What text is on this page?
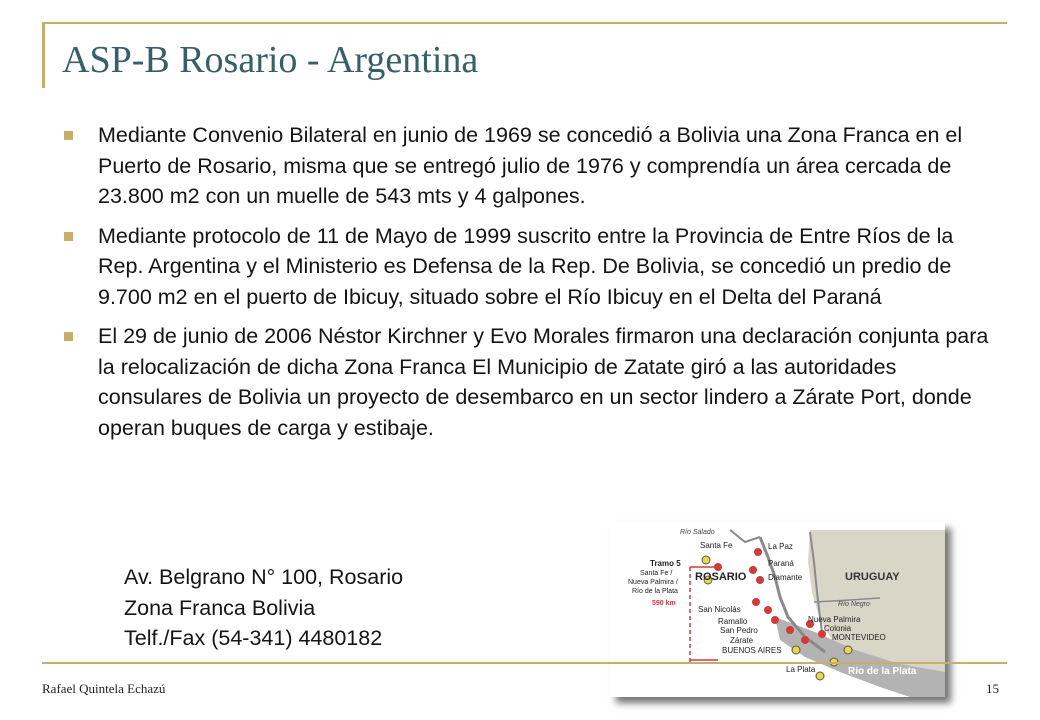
ASP-B Rosario - Argentina
Mediante Convenio Bilateral en junio de 1969 se concedió a Bolivia una Zona Franca en el Puerto de Rosario, misma que se entregó julio de 1976 y comprendía un área cercada de 23.800 m2 con un muelle de 543 mts y 4 galpones.
Mediante protocolo de 11 de Mayo de 1999 suscrito entre la Provincia de Entre Ríos de la Rep. Argentina y el Ministerio es Defensa de la Rep. De Bolivia, se concedió un predio de 9.700 m2 en el puerto de Ibicuy, situado sobre el Río Ibicuy en el Delta del Paraná
El 29 de junio de 2006 Néstor Kirchner y Evo Morales firmaron una declaración conjunta para la relocalización de dicha Zona Franca El Municipio de Zatate giró a las autoridades consulares de Bolivia un proyecto de desembarco en un sector lindero a Zárate Port, donde operan buques de carga y estibaje.
Av. Belgrano N° 100, Rosario
Zona Franca Bolivia
Telf./Fax (54-341) 4480182
Río Salado
Santa Fe	La Paz
Paraná
Diamante
Tramo 5
Santa Fe /
Nueva Palmira /
Río de la Plata
590 km
ROSARIO	URUGUAY
Río Negro
San Nicolás
Ramallo
San Pedro
Nueva Palmira
Colonia
Zárate
BUENOS AIRES
MONTEVIDEO
La Plata	Río de la Plata
Rafael Quintela Echazú	15
